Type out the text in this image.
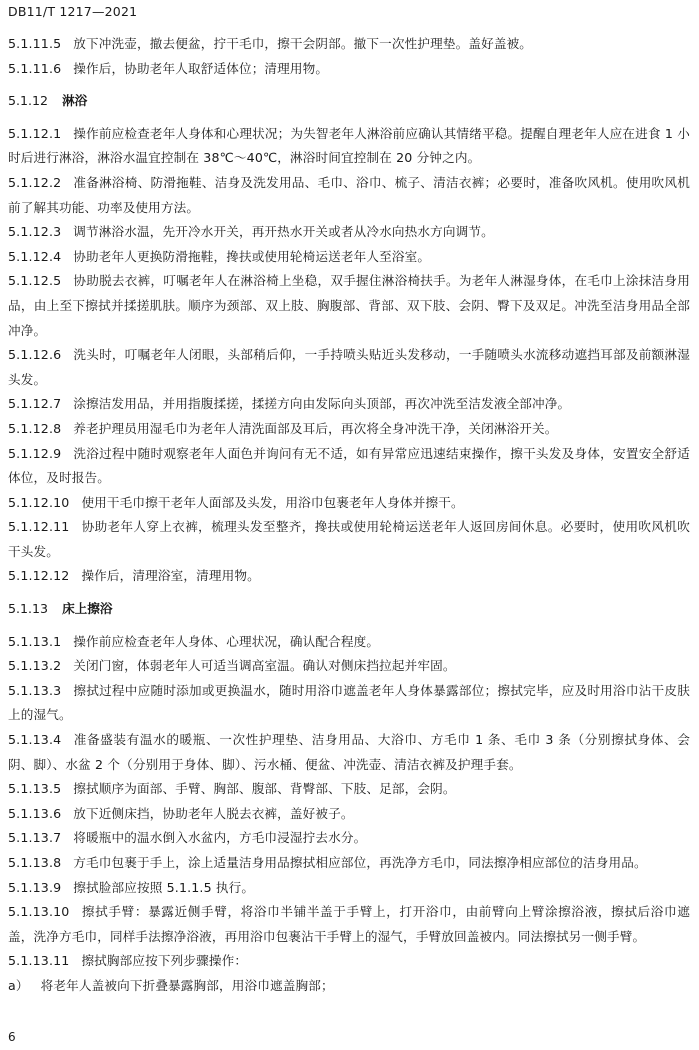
DB11/T 1217—2021

5.1.11.5 放下冲洗壶，撤去便盆，拧干毛巾，擦干会阴部。撤下一次性护理垫。盖好盖被。

5.1.11.6 操作后，协助老年人取舒适体位；清理用物。

5.1.12 淋浴

5.1.12.1 操作前应检查老年人身体和心理状况；为失智老年人淋浴前应确认其情绪平稳。提醒自理老年人应在进食 1 小时后进行淋浴，淋浴水温宜控制在 38℃～40℃，淋浴时间宜控制在 20 分钟之内。

5.1.12.2 准备淋浴椅、防滑拖鞋、洁身及洗发用品、毛巾、浴巾、梳子、清洁衣裤；必要时，准备吹风机。使用吹风机前了解其功能、功率及使用方法。

5.1.12.3 调节淋浴水温，先开冷水开关，再开热水开关或者从冷水向热水方向调节。

5.1.12.4 协助老年人更换防滑拖鞋，搀扶或使用轮椅运送老年人至浴室。

5.1.12.5 协助脱去衣裤，叮嘱老年人在淋浴椅上坐稳，双手握住淋浴椅扶手。为老年人淋湿身体，在毛巾上涂抹洁身用品，由上至下擦拭并揉搓肌肤。顺序为颈部、双上肢、胸腹部、背部、双下肢、会阴、臀下及双足。冲洗至洁身用品全部冲净。

5.1.12.6 洗头时，叮嘱老年人闭眼，头部稍后仰，一手持喷头贴近头发移动，一手随喷头水流移动遮挡耳部及前额淋湿头发。

5.1.12.7 涂擦洁发用品，并用指腹揉搓，揉搓方向由发际向头顶部，再次冲洗至洁发液全部冲净。

5.1.12.8 养老护理员用湿毛巾为老年人清洗面部及耳后，再次将全身冲洗干净，关闭淋浴开关。

5.1.12.9 洗浴过程中随时观察老年人面色并询问有无不适，如有异常应迅速结束操作，擦干头发及身体，安置安全舒适体位，及时报告。

5.1.12.10 使用干毛巾擦干老年人面部及头发，用浴巾包裹老年人身体并擦干。

5.1.12.11 协助老年人穿上衣裤，梳理头发至整齐，搀扶或使用轮椅运送老年人返回房间休息。必要时，使用吹风机吹干头发。

5.1.12.12 操作后，清理浴室，清理用物。

5.1.13 床上擦浴

5.1.13.1 操作前应检查老年人身体、心理状况，确认配合程度。

5.1.13.2 关闭门窗，体弱老年人可适当调高室温。确认对侧床挡拉起并牢固。

5.1.13.3 擦拭过程中应随时添加或更换温水，随时用浴巾遮盖老年人身体暴露部位；擦拭完毕，应及时用浴巾沾干皮肤上的湿气。

5.1.13.4 准备盛装有温水的暖瓶、一次性护理垫、洁身用品、大浴巾、方毛巾 1 条、毛巾 3 条（分别擦拭身体、会阴、脚）、水盆 2 个（分别用于身体、脚）、污水桶、便盆、冲洗壶、清洁衣裤及护理手套。

5.1.13.5 擦拭顺序为面部、手臂、胸部、腹部、背臀部、下肢、足部，会阴。

5.1.13.6 放下近侧床挡，协助老年人脱去衣裤，盖好被子。

5.1.13.7 将暖瓶中的温水倒入水盆内，方毛巾浸湿拧去水分。

5.1.13.8 方毛巾包裹于手上，涂上适量洁身用品擦拭相应部位，再洗净方毛巾，同法擦净相应部位的洁身用品。

5.1.13.9 擦拭脸部应按照 5.1.1.5 执行。

5.1.13.10 擦拭手臂：暴露近侧手臂，将浴巾半铺半盖于手臂上，打开浴巾，由前臂向上臂涂擦浴液，擦拭后浴巾遮盖，洗净方毛巾，同样手法擦净浴液，再用浴巾包裹沾干手臂上的湿气，手臂放回盖被内。同法擦拭另一侧手臂。

5.1.13.11 擦拭胸部应按下列步骤操作：

a） 将老年人盖被向下折叠暴露胸部，用浴巾遮盖胸部；

6
